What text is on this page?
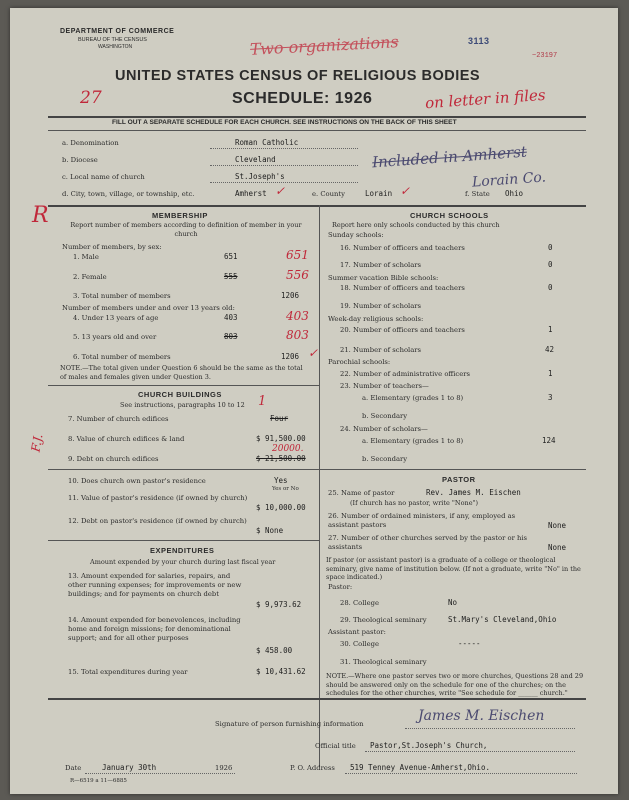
DEPARTMENT OF COMMERCE
BUREAU OF THE CENSUS
WASHINGTON
3113
~23197
Two organizations
27	on letter in files
UNITED STATES CENSUS OF RELIGIOUS BODIES
SCHEDULE: 1926
FILL OUT A SEPARATE SCHEDULE FOR EACH CHURCH. SEE INSTRUCTIONS ON THE BACK OF THIS SHEET
a. Denomination	Roman Catholic
b. Diocese	Cleveland	Included in Amherst
c. Local name of church	St.Joseph's	Lorain Co.
d. City, town, village, or township, etc.	Amherst ✓	e. County	Lorain ✓	f. State Ohio
R	MEMBERSHIP
Report number of members according to definition of member in your church
Number of members, by sex:
1. Male	651	651
2. Female	555	556
3. Total number of members	1206
Number of members under and over 13 years old:
4. Under 13 years of age	403	403
5. 13 years old and over	803	803
6. Total number of members	1206 ✓
NOTE.—The total given under Question 6 should be the same as the total of males and females given under Question 3.
CHURCH BUILDINGS
See instructions, paragraphs 10 to 12 1
F.J.
7. Number of church edifices	Four
8. Value of church edifices & land	$ 91,500.00
20000.
9. Debt on church edifices	$ 21,500.00
10. Does church own pastor's residence	Yes
Yes or No
11. Value of pastor's residence (if owned by church)
$ 10,000.00
12. Debt on pastor's residence (if owned by church)
$ None
EXPENDITURES
Amount expended by your church during last fiscal year
13. Amount expended for salaries, repairs, and other running expenses; for improvements or new buildings; and for payments on church debt
$ 9,973.62
14. Amount expended for benevolences, including home and foreign missions; for denominational support; and for all other purposes
$ 458.00
15. Total expenditures during year	$ 10,431.62
CHURCH SCHOOLS
Report here only schools conducted by this church
Sunday schools:
16. Number of officers and teachers	0
17. Number of scholars	0
Summer vacation Bible schools:
18. Number of officers and teachers	0
19. Number of scholars
Week-day religious schools:
20. Number of officers and teachers	1
21. Number of scholars	42
Parochial schools:
22. Number of administrative officers	1
23. Number of teachers—
a. Elementary (grades 1 to 8)	3
b. Secondary
24. Number of scholars—
a. Elementary (grades 1 to 8)	124
b. Secondary
PASTOR
25. Name of pastor	Rev. James M. Eischen
(If church has no pastor, write "None")
26. Number of ordained ministers, if any, employed as assistant pastors	None
27. Number of other churches served by the pastor or his assistants	None
If pastor (or assistant pastor) is a graduate of a college or theological seminary, give name of institution below. (If not a graduate, write "No" in the space indicated.)
Pastor:
28. College	No
29. Theological seminary	St.Mary's Cleveland,Ohio
Assistant pastor:
30. College	-----
31. Theological seminary
NOTE.—Where one pastor serves two or more churches, Questions 28 and 29 should be answered only on the schedule for one of the churches; on the schedules for the other churches, write "See schedule for ______ church."
Signature of person furnishing information	James M. Eischen
Official title Pastor,St.Joseph's Church,
Date	January 30th	1926	P. O. Address 519 Tenney Avenue-Amherst,Ohio.
R—6519 a 11—6885
